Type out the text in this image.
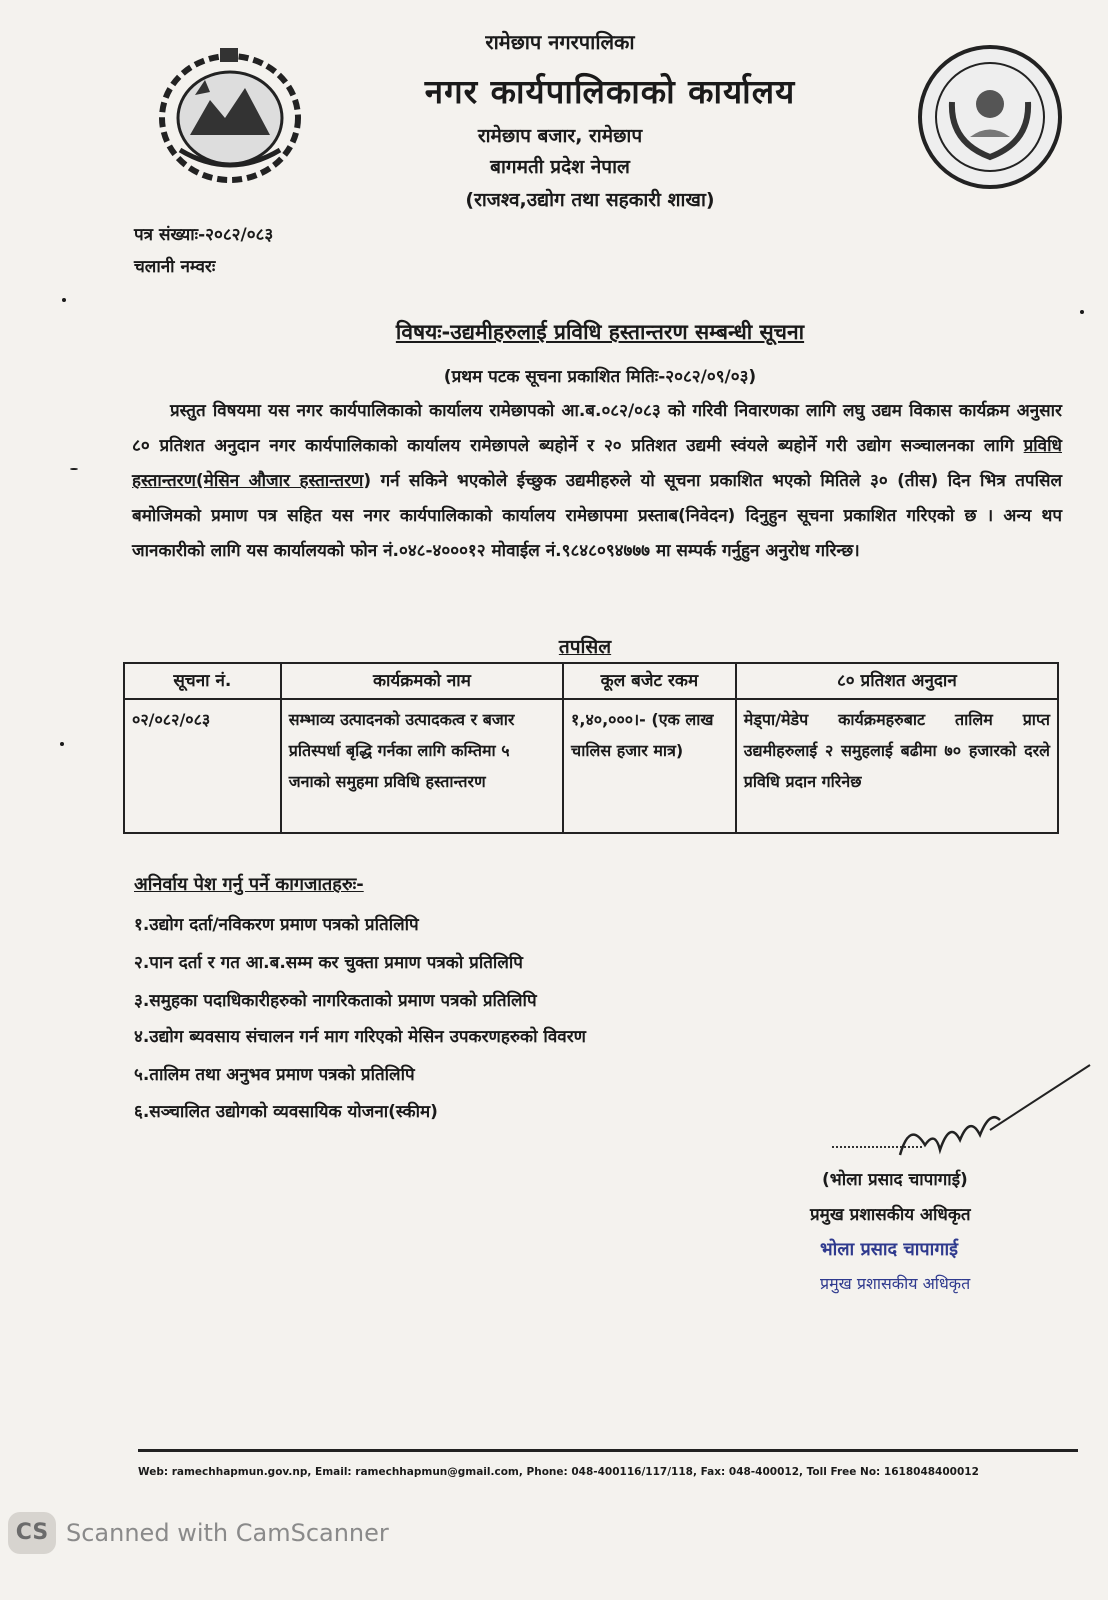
रामेछाप नगरपालिका
नगर कार्यपालिकाको कार्यालय
रामेछाप बजार, रामेछाप
बागमती प्रदेश नेपाल
(राजश्व,उद्योग तथा सहकारी शाखा)
पत्र संख्याः-२०८२/०८३
चलानी नम्वरः
विषयः-उद्यमीहरुलाई प्रविधि हस्तान्तरण सम्बन्धी सूचना
(प्रथम पटक सूचना प्रकाशित मितिः-२०८२/०९/०३)
प्रस्तुत विषयमा यस नगर कार्यपालिकाको कार्यालय रामेछापको आ.ब.०८२/०८३ को गरिवी निवारणका लागि लघु उद्यम विकास कार्यक्रम अनुसार ८० प्रतिशत अनुदान नगर कार्यपालिकाको कार्यालय रामेछापले ब्यहोर्ने र २० प्रतिशत उद्यमी स्वंयले ब्यहोर्ने गरी उद्योग सञ्चालनका लागि प्रविधि हस्तान्तरण(मेसिन औजार हस्तान्तरण) गर्न सकिने भएकोले ईच्छुक उद्यमीहरुले यो सूचना प्रकाशित भएको मितिले ३० (तीस) दिन भित्र तपसिल बमोजिमको प्रमाण पत्र सहित यस नगर कार्यपालिकाको कार्यालय रामेछापमा प्रस्ताब(निवेदन) दिनुहुन सूचना प्रकाशित गरिएको छ । अन्य थप जानकारीको लागि यस कार्यालयको फोन नं.०४८-४०००१२ मोवाईल नं.९८४८०९४७७७ मा सम्पर्क गर्नुहुन अनुरोध गरिन्छ।
तपसिल
सूचना नं.	कार्यक्रमको नाम	कूल बजेट रकम	८० प्रतिशत अनुदान
०२/०८२/०८३	सम्भाव्य उत्पादनको उत्पादकत्व र बजार प्रतिस्पर्धा बृद्धि गर्नका लागि कम्तिमा ५ जनाको समुहमा प्रविधि हस्तान्तरण	१,४०,०००।- (एक लाख चालिस हजार मात्र)	मेड्पा/मेडेप कार्यक्रमहरुबाट तालिम प्राप्त उद्यमीहरुलाई २ समुहलाई बढीमा ७० हजारको दरले प्रविधि प्रदान गरिनेछ
अनिर्वाय पेश गर्नु पर्ने कागजातहरुः-
१.उद्योग दर्ता/नविकरण प्रमाण पत्रको प्रतिलिपि
२.पान दर्ता र गत आ.ब.सम्म कर चुक्ता प्रमाण पत्रको प्रतिलिपि
३.समुहका पदाधिकारीहरुको नागरिकताको प्रमाण पत्रको प्रतिलिपि
४.उद्योग ब्यवसाय संचालन गर्न माग गरिएको मेसिन उपकरणहरुको विवरण
५.तालिम तथा अनुभव प्रमाण पत्रको प्रतिलिपि
६.सञ्चालित उद्योगको व्यवसायिक योजना(स्कीम)
(भोला प्रसाद चापागाई)
प्रमुख प्रशासकीय अधिकृत
भोला प्रसाद चापागाई
प्रमुख प्रशासकीय अधिकृत
Web: ramechhapmun.gov.np, Email: ramechhapmun@gmail.com, Phone: 048-400116/117/118, Fax: 048-400012, Toll Free No: 16180484000​12
CS Scanned with CamScanner
